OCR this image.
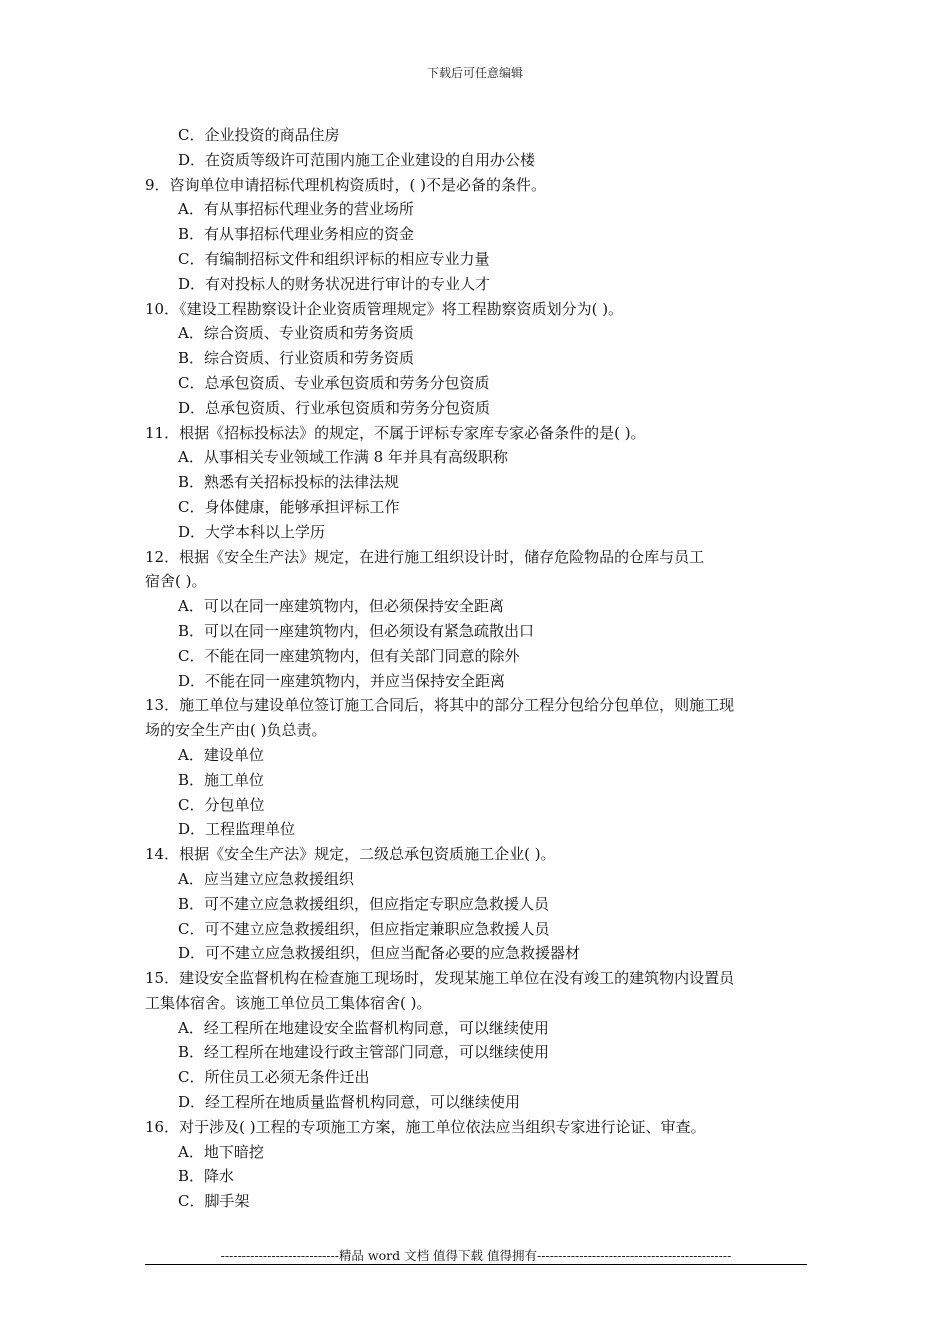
下载后可任意编辑
C．企业投资的商品住房
D．在资质等级许可范围内施工企业建设的自用办公楼
9．咨询单位申请招标代理机构资质时，( )不是必备的条件。
A．有从事招标代理业务的营业场所
B．有从事招标代理业务相应的资金
C．有编制招标文件和组织评标的相应专业力量
D．有对投标人的财务状况进行审计的专业人才
10．《建设工程勘察设计企业资质管理规定》将工程勘察资质划分为( )。
A．综合资质、专业资质和劳务资质
B．综合资质、行业资质和劳务资质
C．总承包资质、专业承包资质和劳务分包资质
D．总承包资质、行业承包资质和劳务分包资质
11．根据《招标投标法》的规定，不属于评标专家库专家必备条件的是( )。
A．从事相关专业领域工作满 8 年并具有高级职称
B．熟悉有关招标投标的法律法规
C．身体健康，能够承担评标工作
D．大学本科以上学历
12．根据《安全生产法》规定，在进行施工组织设计时，储存危险物品的仓库与员工
宿舍( )。
A．可以在同一座建筑物内，但必须保持安全距离
B．可以在同一座建筑物内，但必须设有紧急疏散出口
C．不能在同一座建筑物内，但有关部门同意的除外
D．不能在同一座建筑物内，并应当保持安全距离
13．施工单位与建设单位签订施工合同后，将其中的部分工程分包给分包单位，则施工现
场的安全生产由( )负总责。
A．建设单位
B．施工单位
C．分包单位
D．工程监理单位
14．根据《安全生产法》规定，二级总承包资质施工企业( )。
A．应当建立应急救援组织
B．可不建立应急救援组织，但应指定专职应急救援人员
C．可不建立应急救援组织，但应指定兼职应急救援人员
D．可不建立应急救援组织，但应当配备必要的应急救援器材
15．建设安全监督机构在检查施工现场时，发现某施工单位在没有竣工的建筑物内设置员
工集体宿舍。该施工单位员工集体宿舍( )。
A．经工程所在地建设安全监督机构同意，可以继续使用
B．经工程所在地建设行政主管部门同意，可以继续使用
C．所住员工必须无条件迁出
D．经工程所在地质量监督机构同意，可以继续使用
16．对于涉及( )工程的专项施工方案，施工单位依法应当组织专家进行论证、审查。
A．地下暗挖
B．降水
C．脚手架
----------------------------精品 word 文档 值得下载 值得拥有----------------------------------------------
